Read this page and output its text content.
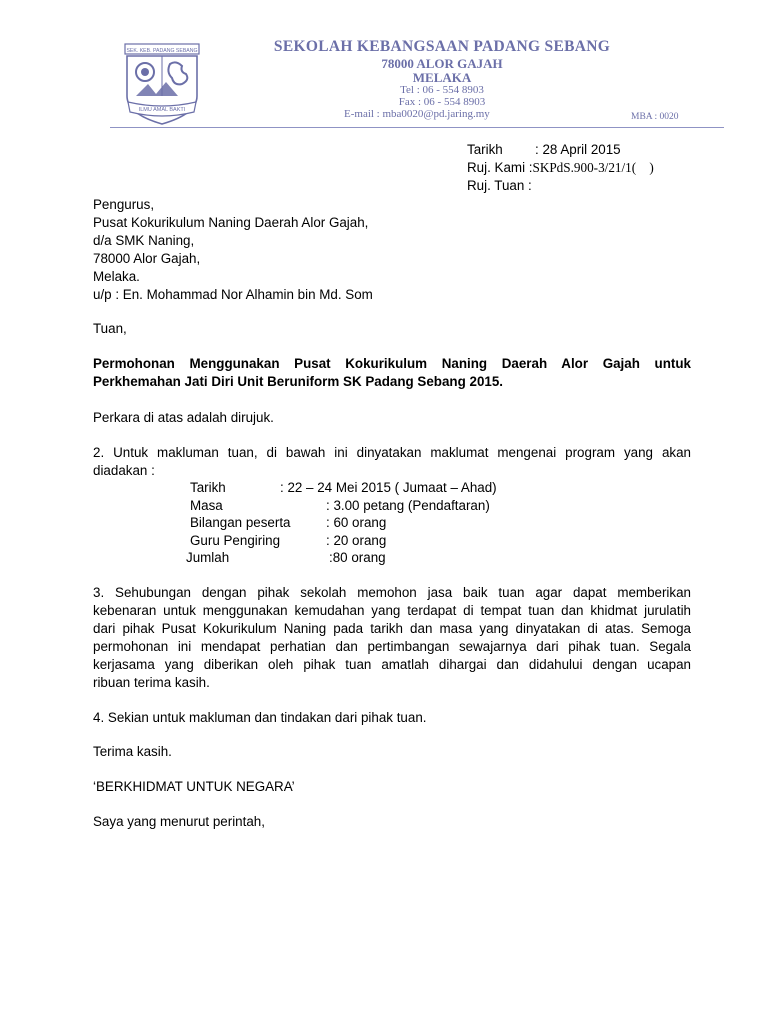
SEK. KEB. PADANG SEBANG
ILMU AMAL BAKTI
SEKOLAH KEBANGSAAN PADANG SEBANG
78000 ALOR GAJAH
MELAKA
Tel : 06 - 554 8903
Fax : 06 - 554 8903
E-mail : mba0020@pd.jaring.my	MBA : 0020
Tarikh : 28 April 2015
Ruj. Kami :SKPdS.900-3/21/1(    )
Ruj. Tuan :
Pengurus,
Pusat Kokurikulum Naning Daerah Alor Gajah,
d/a SMK Naning,
78000 Alor Gajah,
Melaka.
u/p : En. Mohammad Nor Alhamin bin Md. Som
Tuan,
Permohonan Menggunakan Pusat Kokurikulum Naning Daerah Alor Gajah untuk
Perkhemahan Jati Diri Unit Beruniform SK Padang Sebang 2015.
Perkara di atas adalah dirujuk.
2. Untuk makluman tuan, di bawah ini dinyatakan maklumat mengenai program yang akan
diadakan :
Tarikh	: 22 – 24 Mei 2015 ( Jumaat – Ahad)
Masa	: 3.00 petang (Pendaftaran)
Bilangan peserta	: 60 orang
Guru Pengiring	: 20 orang
Jumlah	:80 orang
3. Sehubungan dengan pihak sekolah memohon jasa baik tuan agar dapat memberikan
kebenaran untuk menggunakan kemudahan yang terdapat di tempat tuan dan khidmat jurulatih
dari pihak Pusat Kokurikulum Naning pada tarikh dan masa yang dinyatakan di atas. Semoga
permohonan ini mendapat perhatian dan pertimbangan sewajarnya dari pihak tuan. Segala
kerjasama yang diberikan oleh pihak tuan amatlah dihargai dan didahului dengan ucapan
ribuan terima kasih.
4. Sekian untuk makluman dan tindakan dari pihak tuan.
Terima kasih.
‘BERKHIDMAT UNTUK NEGARA’
Saya yang menurut perintah,
